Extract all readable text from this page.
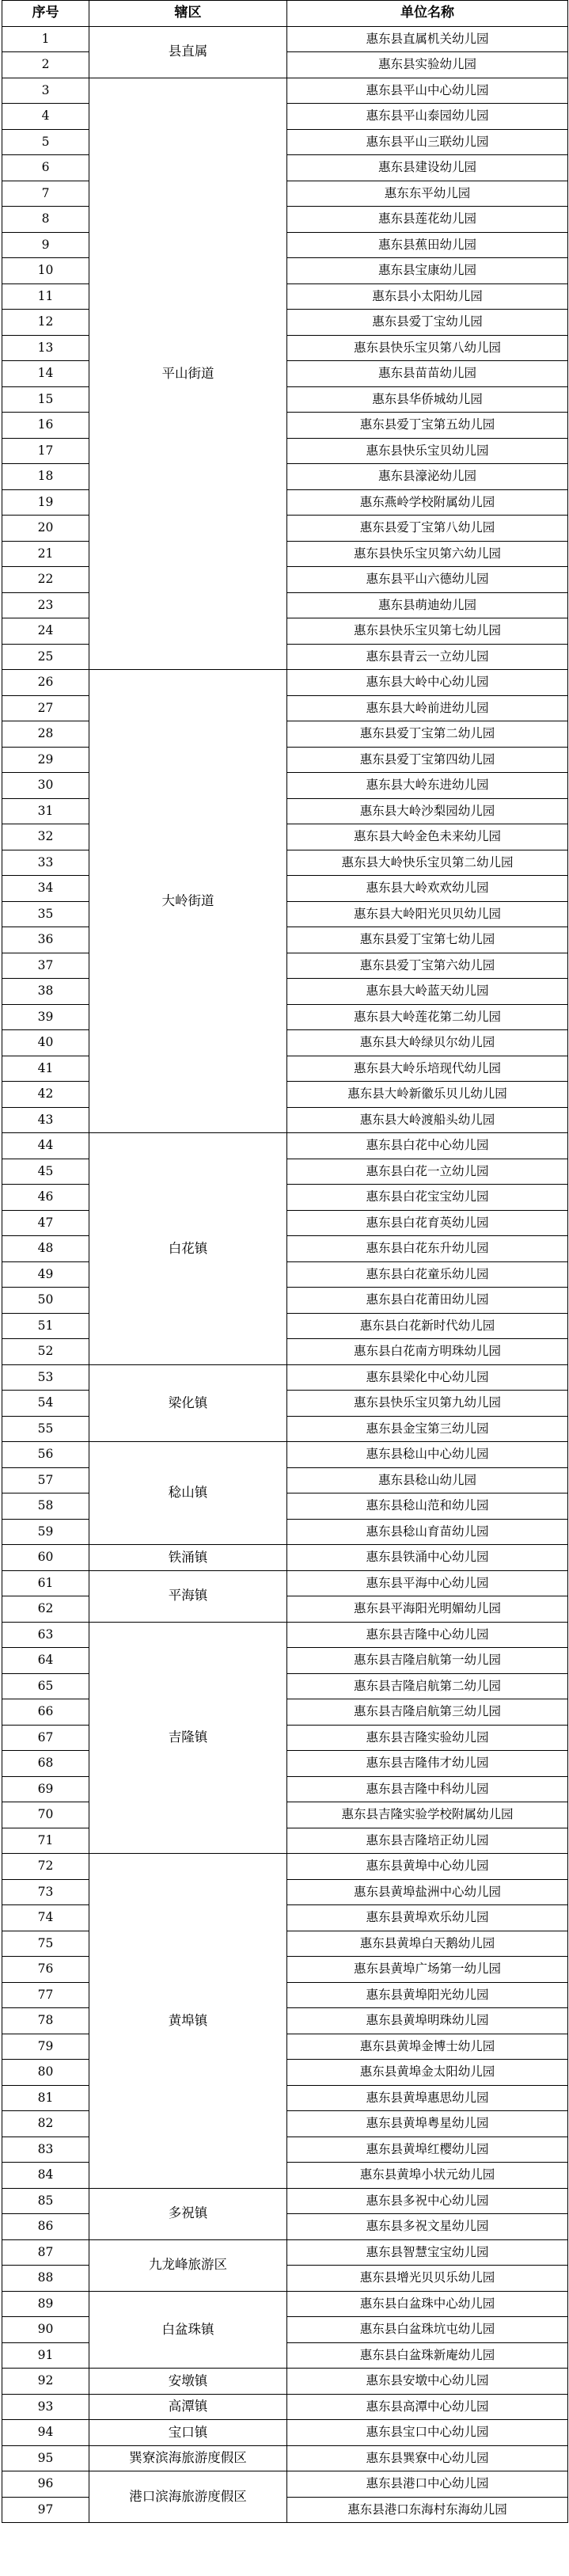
序号	辖区	单位名称
1	县直属	惠东县直属机关幼儿园
2		惠东县实验幼儿园
3	平山街道	惠东县平山中心幼儿园
4		惠东县平山泰园幼儿园
5		惠东县平山三联幼儿园
6		惠东县建设幼儿园
7		惠东东平幼儿园
8		惠东县莲花幼儿园
9		惠东县蕉田幼儿园
10		惠东县宝康幼儿园
11		惠东县小太阳幼儿园
12		惠东县爱丁宝幼儿园
13		惠东县快乐宝贝第八幼儿园
14		惠东县苗苗幼儿园
15		惠东县华侨城幼儿园
16		惠东县爱丁宝第五幼儿园
17		惠东县快乐宝贝幼儿园
18		惠东县濠泌幼儿园
19		惠东燕岭学校附属幼儿园
20		惠东县爱丁宝第八幼儿园
21		惠东县快乐宝贝第六幼儿园
22		惠东县平山六德幼儿园
23		惠东县萌迪幼儿园
24		惠东县快乐宝贝第七幼儿园
25		惠东县青云一立幼儿园
26	大岭街道	惠东县大岭中心幼儿园
27		惠东县大岭前进幼儿园
28		惠东县爱丁宝第二幼儿园
29		惠东县爱丁宝第四幼儿园
30		惠东县大岭东进幼儿园
31		惠东县大岭沙梨园幼儿园
32		惠东县大岭金色未来幼儿园
33		惠东县大岭快乐宝贝第二幼儿园
34		惠东县大岭欢欢幼儿园
35		惠东县大岭阳光贝贝幼儿园
36		惠东县爱丁宝第七幼儿园
37		惠东县爱丁宝第六幼儿园
38		惠东县大岭蓝天幼儿园
39		惠东县大岭莲花第二幼儿园
40		惠东县大岭绿贝尔幼儿园
41		惠东县大岭乐培现代幼儿园
42		惠东县大岭新徽乐贝儿幼儿园
43		惠东县大岭渡船头幼儿园
44	白花镇	惠东县白花中心幼儿园
45		惠东县白花一立幼儿园
46		惠东县白花宝宝幼儿园
47		惠东县白花育英幼儿园
48		惠东县白花东升幼儿园
49		惠东县白花童乐幼儿园
50		惠东县白花莆田幼儿园
51		惠东县白花新时代幼儿园
52		惠东县白花南方明珠幼儿园
53	梁化镇	惠东县梁化中心幼儿园
54		惠东县快乐宝贝第九幼儿园
55		惠东县金宝第三幼儿园
56	稔山镇	惠东县稔山中心幼儿园
57		惠东县稔山幼儿园
58		惠东县稔山范和幼儿园
59		惠东县稔山育苗幼儿园
60	铁涌镇	惠东县铁涌中心幼儿园
61	平海镇	惠东县平海中心幼儿园
62		惠东县平海阳光明媚幼儿园
63	吉隆镇	惠东县吉隆中心幼儿园
64		惠东县吉隆启航第一幼儿园
65		惠东县吉隆启航第二幼儿园
66		惠东县吉隆启航第三幼儿园
67		惠东县吉隆实验幼儿园
68		惠东县吉隆伟才幼儿园
69		惠东县吉隆中科幼儿园
70		惠东县吉隆实验学校附属幼儿园
71		惠东县吉隆培正幼儿园
72	黄埠镇	惠东县黄埠中心幼儿园
73		惠东县黄埠盐洲中心幼儿园
74		惠东县黄埠欢乐幼儿园
75		惠东县黄埠白天鹅幼儿园
76		惠东县黄埠广场第一幼儿园
77		惠东县黄埠阳光幼儿园
78		惠东县黄埠明珠幼儿园
79		惠东县黄埠金博士幼儿园
80		惠东县黄埠金太阳幼儿园
81		惠东县黄埠惠思幼儿园
82		惠东县黄埠粤星幼儿园
83		惠东县黄埠红樱幼儿园
84		惠东县黄埠小状元幼儿园
85	多祝镇	惠东县多祝中心幼儿园
86		惠东县多祝文星幼儿园
87	九龙峰旅游区	惠东县智慧宝宝幼儿园
88		惠东县增光贝贝乐幼儿园
89	白盆珠镇	惠东县白盆珠中心幼儿园
90		惠东县白盆珠坑屯幼儿园
91		惠东县白盆珠新庵幼儿园
92	安墩镇	惠东县安墩中心幼儿园
93	高潭镇	惠东县高潭中心幼儿园
94	宝口镇	惠东县宝口中心幼儿园
95	巽寮滨海旅游度假区	惠东县巽寮中心幼儿园
96	港口滨海旅游度假区	惠东县港口中心幼儿园
97		惠东县港口东海村东海幼儿园
